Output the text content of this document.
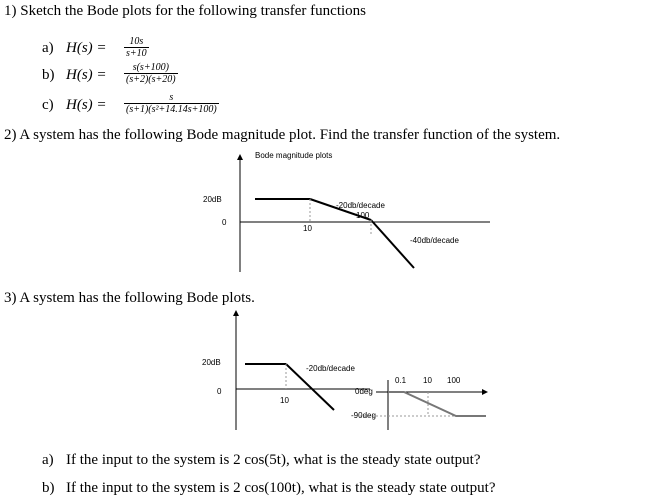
1) Sketch the Bode plots for the following transfer functions
a) $H(s) = \frac{10s}{s+10}$
b) $H(s) = \frac{s(s+100)}{(s+2)(s+20)}$
c) $H(s) = \frac{s}{\text{(s+1)(s²+14.14s+100)}}$
2) A system has the following Bode magnitude plot. Find the transfer function of the system.
Bode magnitude plots
20dB
0
10
100
-20db/decade
-40db/decade
3) A system has the following Bode plots.
20dB
0
10
-20db/decade
0.1 10 100
0deg
-90deg
a) If the input to the system is 2 cos(5t), what is the steady state output?
b) If the input to the system is 2 cos(100t), what is the steady state output?
